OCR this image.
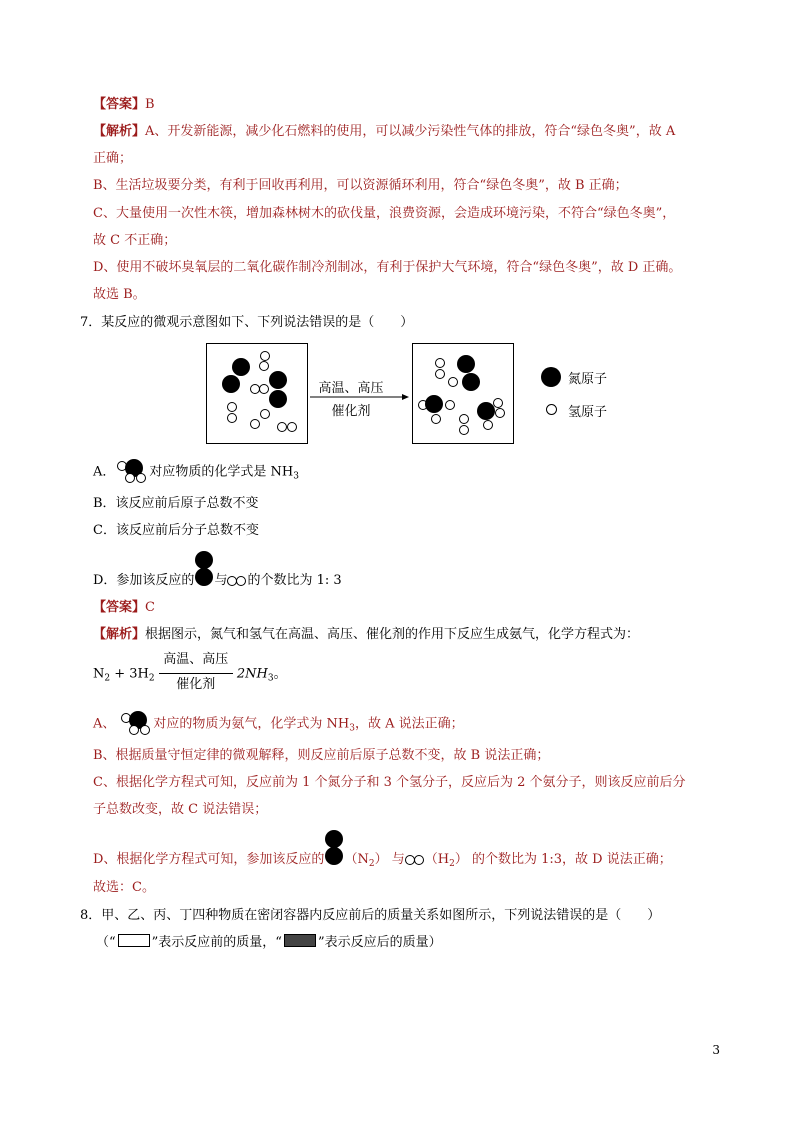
【答案】B
【解析】A、开发新能源，减少化石燃料的使用，可以减少污染性气体的排放，符合“绿色冬奥”，故 A
正确；
B、生活垃圾要分类，有利于回收再利用，可以资源循环利用，符合“绿色冬奥”，故 B 正确；
C、大量使用一次性木筷，增加森林树木的砍伐量，浪费资源，会造成环境污染，不符合“绿色冬奥”，
故 C 不正确；
D、使用不破坏臭氧层的二氧化碳作制冷剂制冰，有利于保护大气环境，符合“绿色冬奥”，故 D 正确。
故选 B。
7．某反应的微观示意图如下、下列说法错误的是（　　）
高温、高压
催化剂
氮原子
氢原子
A．	对应物质的化学式是 $NH_3$
B．该反应前后原子总数不变
C．该反应前后分子总数不变
D．参加该反应的 与 的个数比为 1: 3
【答案】C
【解析】根据图示，氮气和氢气在高温、高压、催化剂的作用下反应生成氨气，化学方程式为：
$N_2 + 3H_2$
高温、高压
催化剂
$2NH_3$。
A、	对应的物质为氨气，化学式为 $NH_3$，故 A 说法正确；
B、根据质量守恒定律的微观解释，则反应前后原子总数不变，故 B 说法正确；
C、根据化学方程式可知，反应前为 1 个氮分子和 3 个氢分子，反应后为 2 个氨分子，则该反应前后分
子总数改变，故 C 说法错误；
D、根据化学方程式可知，参加该反应的 $(N_2)$ 与 $(H_2)$ 的个数比为 1:3，故 D 说法正确；
故选：C。
8．甲、乙、丙、丁四种物质在密闭容器内反应前后的质量关系如图所示，下列说法错误的是（　　）
（“	”表示反应前的质量，“	”表示反应后的质量）
3
